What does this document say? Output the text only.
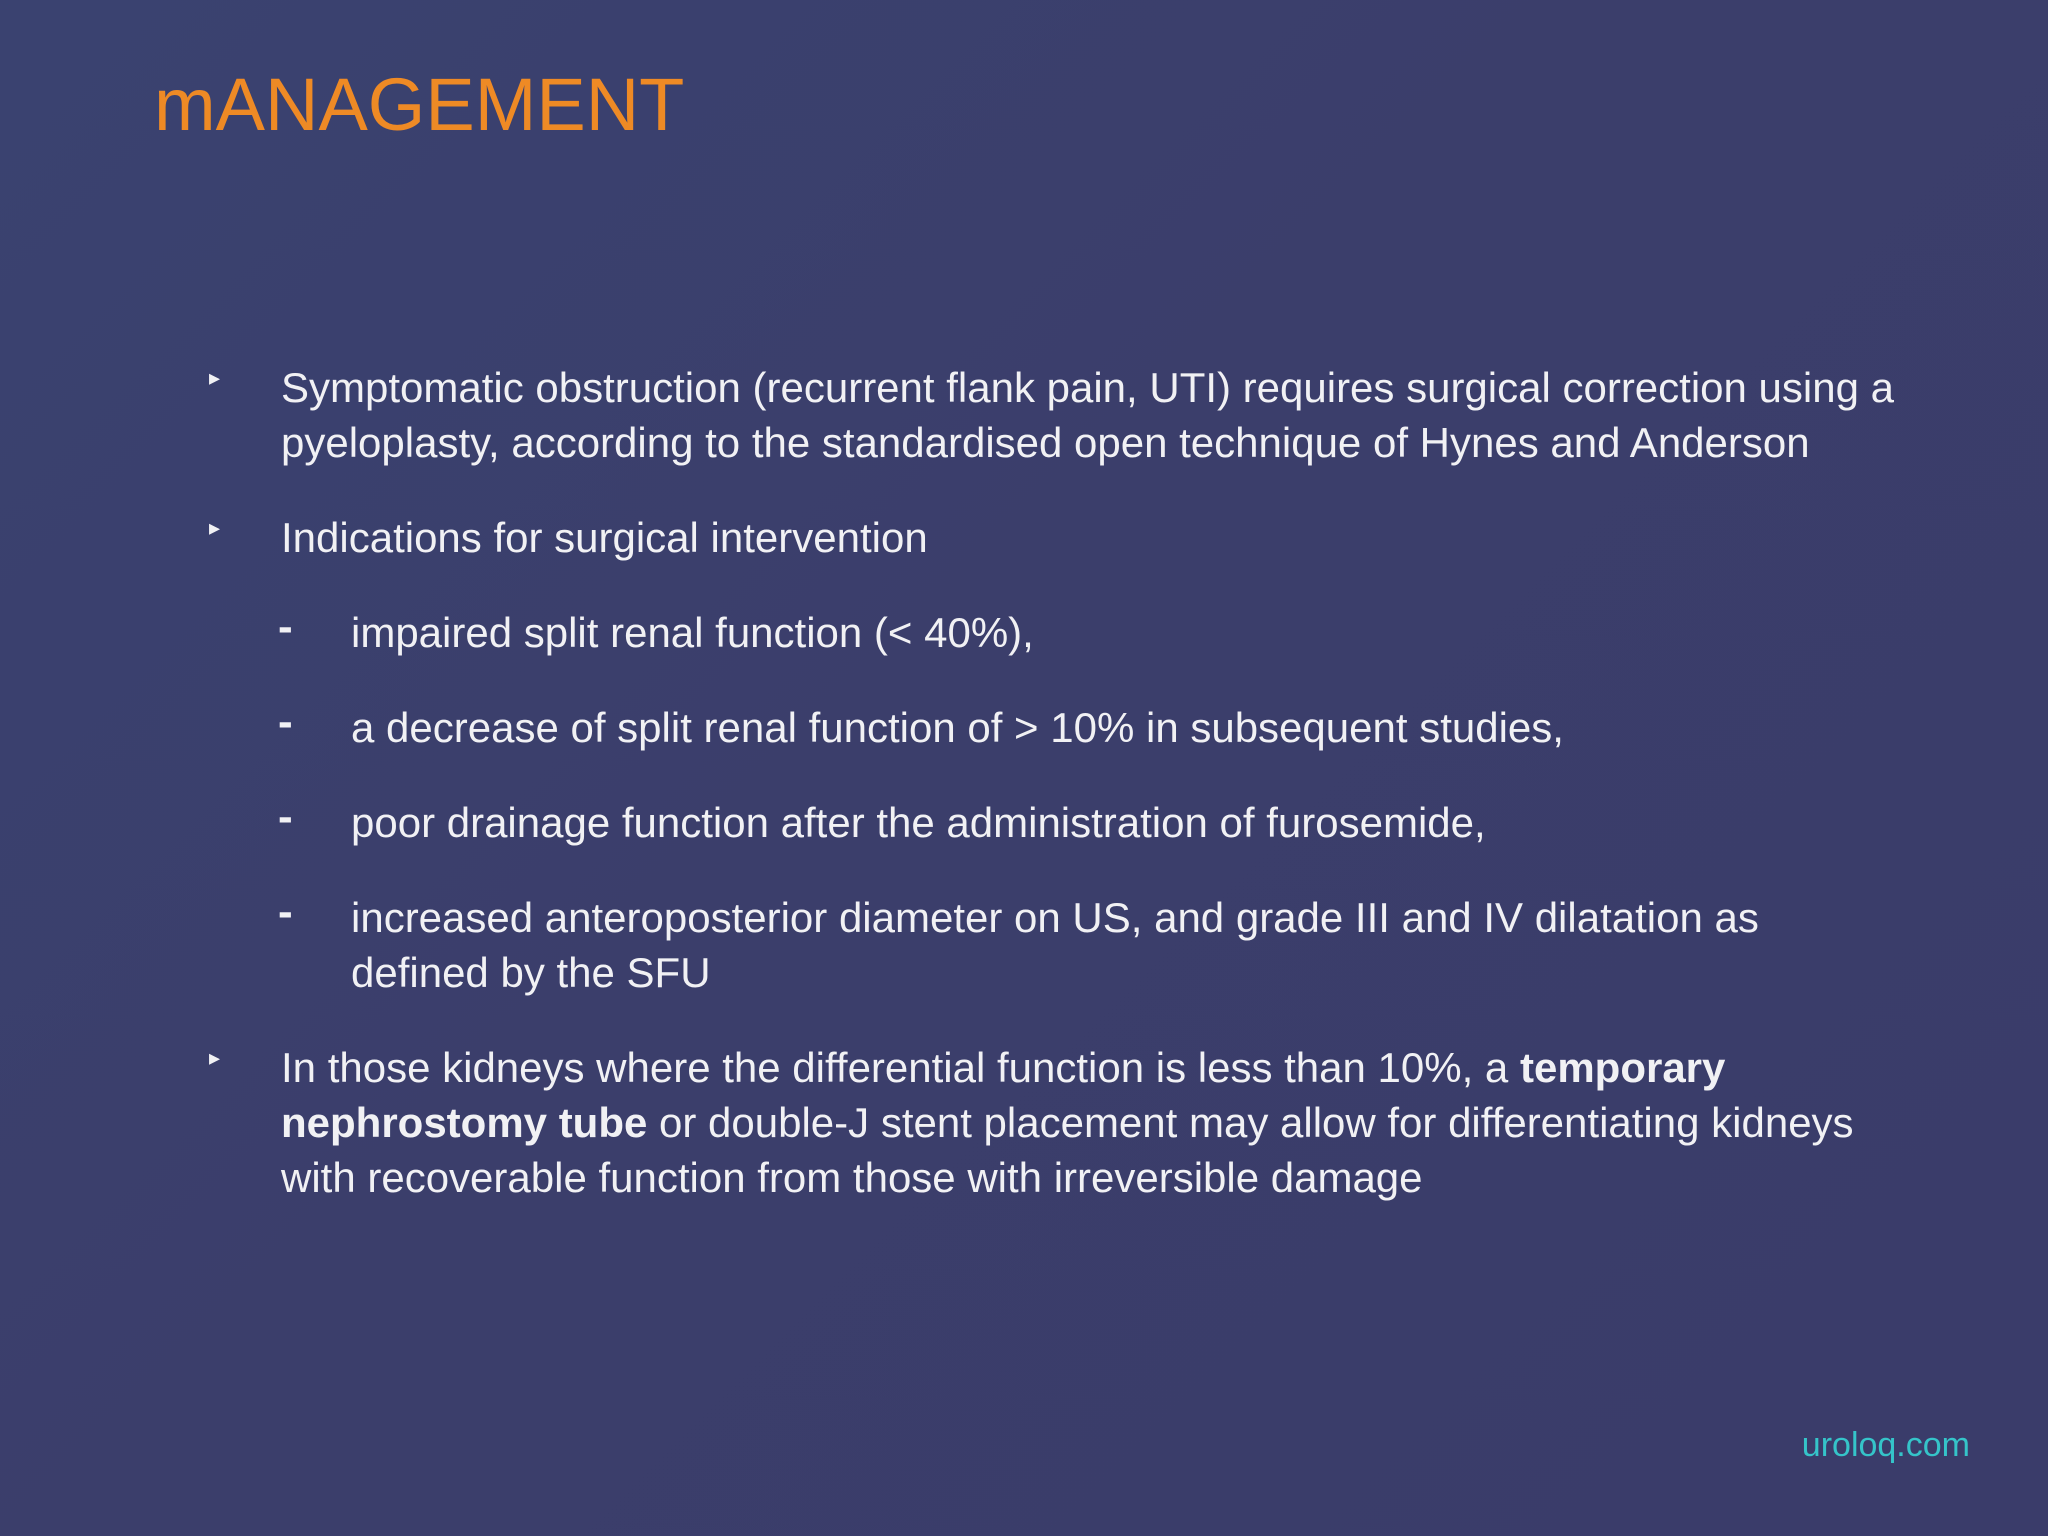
mANAGEMENT
▸ Symptomatic obstruction (recurrent flank pain, UTI) requires surgical correction using a pyeloplasty, according to the standardised open technique of Hynes and Anderson
▸ Indications for surgical intervention
- impaired split renal function (< 40%),
- a decrease of split renal function of > 10% in subsequent studies,
- poor drainage function after the administration of furosemide,
- increased anteroposterior diameter on US, and grade III and IV dilatation as defined by the SFU
▸ In those kidneys where the differential function is less than 10%, a temporary nephrostomy tube or double-J stent placement may allow for differentiating kidneys with recoverable function from those with irreversible damage
uroloq.com
